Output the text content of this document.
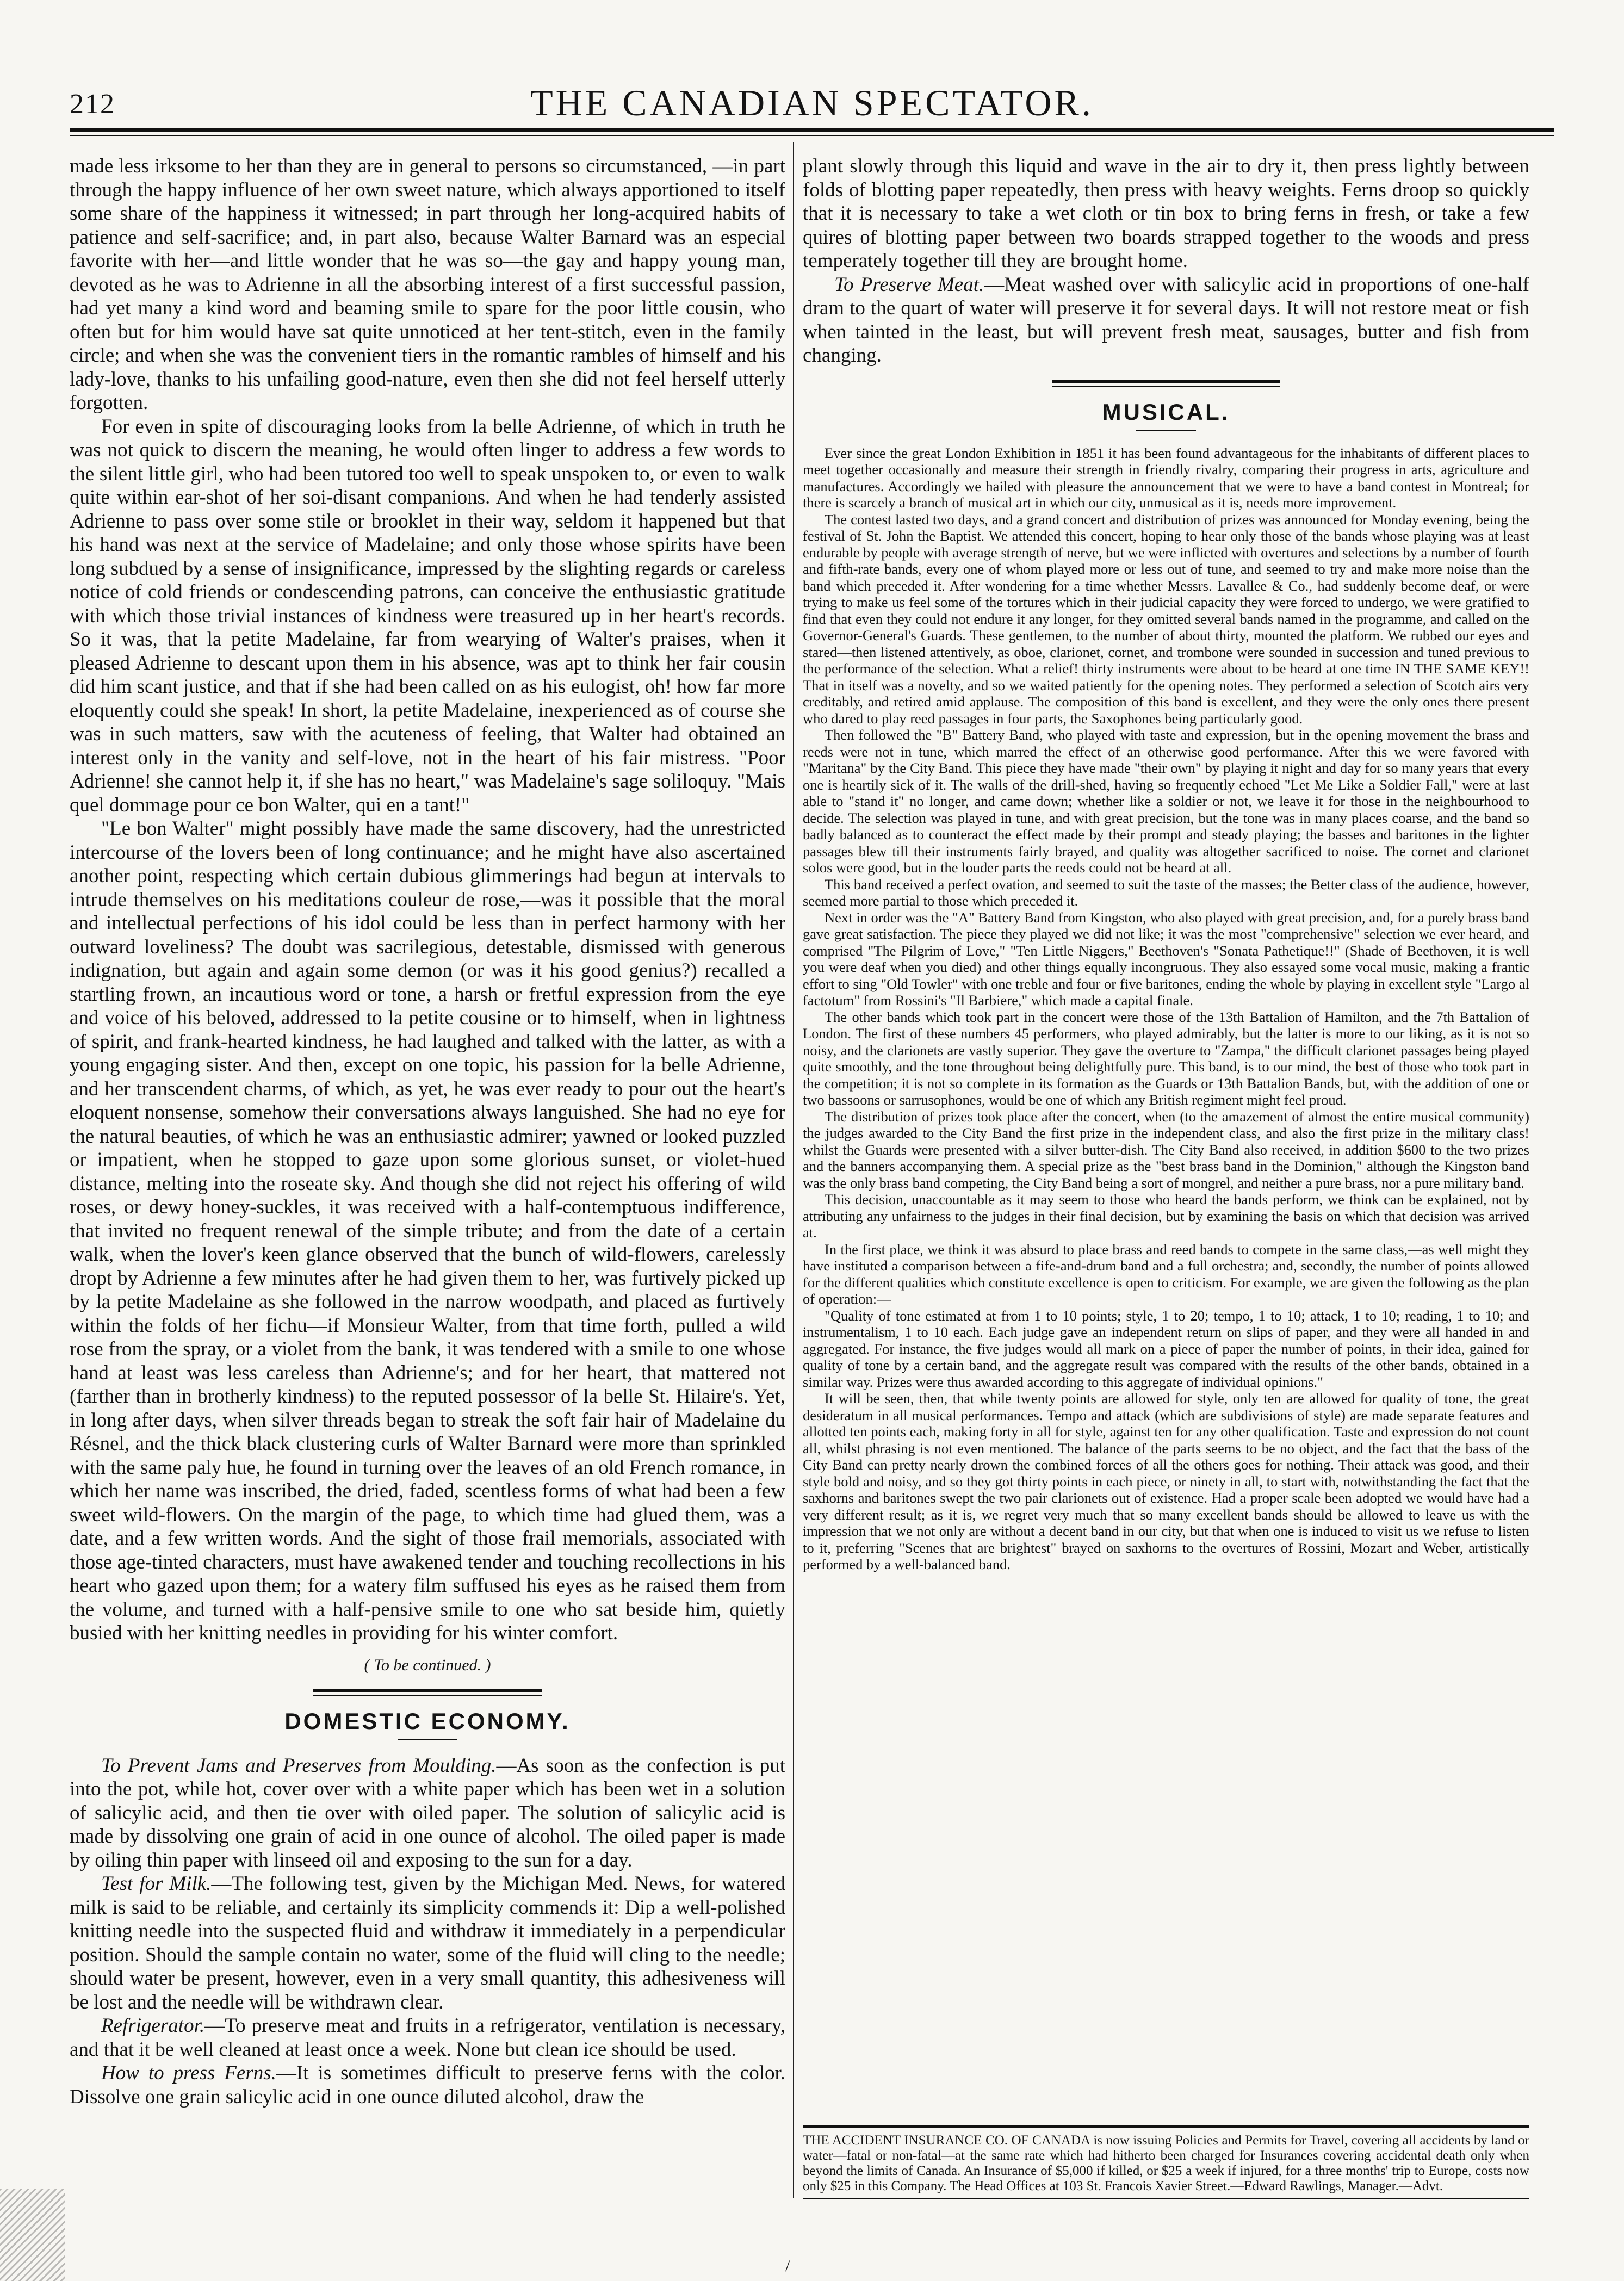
212	THE CANADIAN SPECTATOR.

made less irksome to her than they are in general to persons so circumstanced, —in part through the happy influence of her own sweet nature, which always apportioned to itself some share of the happiness it witnessed; in part through her long-acquired habits of patience and self-sacrifice; and, in part also, because Walter Barnard was an especial favorite with her—and little wonder that he was so—the gay and happy young man, devoted as he was to Adrienne in all the absorbing interest of a first successful passion, had yet many a kind word and beaming smile to spare for the poor little cousin, who often but for him would have sat quite unnoticed at her tent-stitch, even in the family circle; and when she was the convenient tiers in the romantic rambles of himself and his lady-love, thanks to his unfailing good-nature, even then she did not feel herself utterly forgotten.

For even in spite of discouraging looks from la belle Adrienne, of which in truth he was not quick to discern the meaning, he would often linger to address a few words to the silent little girl, who had been tutored too well to speak unspoken to, or even to walk quite within ear-shot of her soi-disant companions. And when he had tenderly assisted Adrienne to pass over some stile or brooklet in their way, seldom it happened but that his hand was next at the service of Madelaine; and only those whose spirits have been long subdued by a sense of insignificance, impressed by the slighting regards or careless notice of cold friends or condescending patrons, can conceive the enthusiastic gratitude with which those trivial instances of kindness were treasured up in her heart's records. So it was, that la petite Madelaine, far from wearying of Walter's praises, when it pleased Adrienne to descant upon them in his absence, was apt to think her fair cousin did him scant justice, and that if she had been called on as his eulogist, oh! how far more eloquently could she speak! In short, la petite Madelaine, inexperienced as of course she was in such matters, saw with the acuteness of feeling, that Walter had obtained an interest only in the vanity and self-love, not in the heart of his fair mistress. "Poor Adrienne! she cannot help it, if she has no heart," was Madelaine's sage soliloquy. "Mais quel dommage pour ce bon Walter, qui en a tant!"

"Le bon Walter" might possibly have made the same discovery, had the unrestricted intercourse of the lovers been of long continuance; and he might have also ascertained another point, respecting which certain dubious glimmerings had begun at intervals to intrude themselves on his meditations couleur de rose,—was it possible that the moral and intellectual perfections of his idol could be less than in perfect harmony with her outward loveliness? The doubt was sacrilegious, detestable, dismissed with generous indignation, but again and again some demon (or was it his good genius?) recalled a startling frown, an incautious word or tone, a harsh or fretful expression from the eye and voice of his beloved, addressed to la petite cousine or to himself, when in lightness of spirit, and frank-hearted kindness, he had laughed and talked with the latter, as with a young engaging sister. And then, except on one topic, his passion for la belle Adrienne, and her transcendent charms, of which, as yet, he was ever ready to pour out the heart's eloquent nonsense, somehow their conversations always languished. She had no eye for the natural beauties, of which he was an enthusiastic admirer; yawned or looked puzzled or impatient, when he stopped to gaze upon some glorious sunset, or violet-hued distance, melting into the roseate sky. And though she did not reject his offering of wild roses, or dewy honey-suckles, it was received with a half-contemptuous indifference, that invited no frequent renewal of the simple tribute; and from the date of a certain walk, when the lover's keen glance observed that the bunch of wild-flowers, carelessly dropt by Adrienne a few minutes after he had given them to her, was furtively picked up by la petite Madelaine as she followed in the narrow woodpath, and placed as furtively within the folds of her fichu—if Monsieur Walter, from that time forth, pulled a wild rose from the spray, or a violet from the bank, it was tendered with a smile to one whose hand at least was less careless than Adrienne's; and for her heart, that mattered not (farther than in brotherly kindness) to the reputed possessor of la belle St. Hilaire's. Yet, in long after days, when silver threads began to streak the soft fair hair of Madelaine du Résnel, and the thick black clustering curls of Walter Barnard were more than sprinkled with the same paly hue, he found in turning over the leaves of an old French romance, in which her name was inscribed, the dried, faded, scentless forms of what had been a few sweet wild-flowers. On the margin of the page, to which time had glued them, was a date, and a few written words. And the sight of those frail memorials, associated with those age-tinted characters, must have awakened tender and touching recollections in his heart who gazed upon them; for a watery film suffused his eyes as he raised them from the volume, and turned with a half-pensive smile to one who sat beside him, quietly busied with her knitting needles in providing for his winter comfort.

( To be continued. )
DOMESTIC ECONOMY.

To Prevent Jams and Preserves from Moulding.—As soon as the confection is put into the pot, while hot, cover over with a white paper which has been wet in a solution of salicylic acid, and then tie over with oiled paper. The solution of salicylic acid is made by dissolving one grain of acid in one ounce of alcohol. The oiled paper is made by oiling thin paper with linseed oil and exposing to the sun for a day.

Test for Milk.—The following test, given by the Michigan Med. News, for watered milk is said to be reliable, and certainly its simplicity commends it: Dip a well-polished knitting needle into the suspected fluid and withdraw it immediately in a perpendicular position. Should the sample contain no water, some of the fluid will cling to the needle; should water be present, however, even in a very small quantity, this adhesiveness will be lost and the needle will be withdrawn clear.

Refrigerator.—To preserve meat and fruits in a refrigerator, ventilation is necessary, and that it be well cleaned at least once a week. None but clean ice should be used.

How to press Ferns.—It is sometimes difficult to preserve ferns with the color. Dissolve one grain salicylic acid in one ounce diluted alcohol, draw the

plant slowly through this liquid and wave in the air to dry it, then press lightly between folds of blotting paper repeatedly, then press with heavy weights. Ferns droop so quickly that it is necessary to take a wet cloth or tin box to bring ferns in fresh, or take a few quires of blotting paper between two boards strapped together to the woods and press temperately together till they are brought home.

To Preserve Meat.—Meat washed over with salicylic acid in proportions of one-half dram to the quart of water will preserve it for several days. It will not restore meat or fish when tainted in the least, but will prevent fresh meat, sausages, butter and fish from changing.

MUSICAL.

Ever since the great London Exhibition in 1851 it has been found advantageous for the inhabitants of different places to meet together occasionally and measure their strength in friendly rivalry, comparing their progress in arts, agriculture and manufactures. Accordingly we hailed with pleasure the announcement that we were to have a band contest in Montreal; for there is scarcely a branch of musical art in which our city, unmusical as it is, needs more improvement.

The contest lasted two days, and a grand concert and distribution of prizes was announced for Monday evening, being the festival of St. John the Baptist. We attended this concert, hoping to hear only those of the bands whose playing was at least endurable by people with average strength of nerve, but we were inflicted with overtures and selections by a number of fourth and fifth-rate bands, every one of whom played more or less out of tune, and seemed to try and make more noise than the band which preceded it. After wondering for a time whether Messrs. Lavallee & Co., had suddenly become deaf, or were trying to make us feel some of the tortures which in their judicial capacity they were forced to undergo, we were gratified to find that even they could not endure it any longer, for they omitted several bands named in the programme, and called on the Governor-General's Guards. These gentlemen, to the number of about thirty, mounted the platform. We rubbed our eyes and stared—then listened attentively, as oboe, clarionet, cornet, and trombone were sounded in succession and tuned previous to the performance of the selection. What a relief! thirty instruments were about to be heard at one time IN THE SAME KEY!! That in itself was a novelty, and so we waited patiently for the opening notes. They performed a selection of Scotch airs very creditably, and retired amid applause. The composition of this band is excellent, and they were the only ones there present who dared to play reed passages in four parts, the Saxophones being particularly good.

Then followed the "B" Battery Band, who played with taste and expression, but in the opening movement the brass and reeds were not in tune, which marred the effect of an otherwise good performance. After this we were favored with "Maritana" by the City Band. This piece they have made "their own" by playing it night and day for so many years that every one is heartily sick of it. The walls of the drill-shed, having so frequently echoed "Let Me Like a Soldier Fall," were at last able to "stand it" no longer, and came down; whether like a soldier or not, we leave it for those in the neighbourhood to decide. The selection was played in tune, and with great precision, but the tone was in many places coarse, and the band so badly balanced as to counteract the effect made by their prompt and steady playing; the basses and baritones in the lighter passages blew till their instruments fairly brayed, and quality was altogether sacrificed to noise. The cornet and clarionet solos were good, but in the louder parts the reeds could not be heard at all.

This band received a perfect ovation, and seemed to suit the taste of the masses; the Better class of the audience, however, seemed more partial to those which preceded it.

Next in order was the "A" Battery Band from Kingston, who also played with great precision, and, for a purely brass band gave great satisfaction. The piece they played we did not like; it was the most "comprehensive" selection we ever heard, and comprised "The Pilgrim of Love," "Ten Little Niggers," Beethoven's "Sonata Pathetique!!" (Shade of Beethoven, it is well you were deaf when you died) and other things equally incongruous. They also essayed some vocal music, making a frantic effort to sing "Old Towler" with one treble and four or five baritones, ending the whole by playing in excellent style "Largo al factotum" from Rossini's "Il Barbiere," which made a capital finale.

The other bands which took part in the concert were those of the 13th Battalion of Hamilton, and the 7th Battalion of London. The first of these numbers 45 performers, who played admirably, but the latter is more to our liking, as it is not so noisy, and the clarionets are vastly superior. They gave the overture to "Zampa," the difficult clarionet passages being played quite smoothly, and the tone throughout being delightfully pure. This band, is to our mind, the best of those who took part in the competition; it is not so complete in its formation as the Guards or 13th Battalion Bands, but, with the addition of one or two bassoons or sarrusophones, would be one of which any British regiment might feel proud.

The distribution of prizes took place after the concert, when (to the amazement of almost the entire musical community) the judges awarded to the City Band the first prize in the independent class, and also the first prize in the military class! whilst the Guards were presented with a silver butter-dish. The City Band also received, in addition $600 to the two prizes and the banners accompanying them. A special prize as the "best brass band in the Dominion," although the Kingston band was the only brass band competing, the City Band being a sort of mongrel, and neither a pure brass, nor a pure military band.

This decision, unaccountable as it may seem to those who heard the bands perform, we think can be explained, not by attributing any unfairness to the judges in their final decision, but by examining the basis on which that decision was arrived at.

In the first place, we think it was absurd to place brass and reed bands to compete in the same class,—as well might they have instituted a comparison between a fife-and-drum band and a full orchestra; and, secondly, the number of points allowed for the different qualities which constitute excellence is open to criticism. For example, we are given the following as the plan of operation:—

"Quality of tone estimated at from 1 to 10 points; style, 1 to 20; tempo, 1 to 10; attack, 1 to 10; reading, 1 to 10; and instrumentalism, 1 to 10 each. Each judge gave an independent return on slips of paper, and they were all handed in and aggregated. For instance, the five judges would all mark on a piece of paper the number of points, in their idea, gained for quality of tone by a certain band, and the aggregate result was compared with the results of the other bands, obtained in a similar way. Prizes were thus awarded according to this aggregate of individual opinions."

It will be seen, then, that while twenty points are allowed for style, only ten are allowed for quality of tone, the great desideratum in all musical performances. Tempo and attack (which are subdivisions of style) are made separate features and allotted ten points each, making forty in all for style, against ten for any other qualification. Taste and expression do not count all, whilst phrasing is not even mentioned. The balance of the parts seems to be no object, and the fact that the bass of the City Band can pretty nearly drown the combined forces of all the others goes for nothing. Their attack was good, and their style bold and noisy, and so they got thirty points in each piece, or ninety in all, to start with, notwithstanding the fact that the saxhorns and baritones swept the two pair clarionets out of existence. Had a proper scale been adopted we would have had a very different result; as it is, we regret very much that so many excellent bands should be allowed to leave us with the impression that we not only are without a decent band in our city, but that when one is induced to visit us we refuse to listen to it, preferring "Scenes that are brightest" brayed on saxhorns to the overtures of Rossini, Mozart and Weber, artistically performed by a well-balanced band.

THE ACCIDENT INSURANCE CO. OF CANADA is now issuing Policies and Permits for Travel, covering all accidents by land or water—fatal or non-fatal—at the same rate which had hitherto been charged for Insurances covering accidental death only when beyond the limits of Canada. An Insurance of $5,000 if killed, or $25 a week if injured, for a three months' trip to Europe, costs now only $25 in this Company. The Head Offices at 103 St. Francois Xavier Street.—Edward Rawlings, Manager.—Advt.

/
